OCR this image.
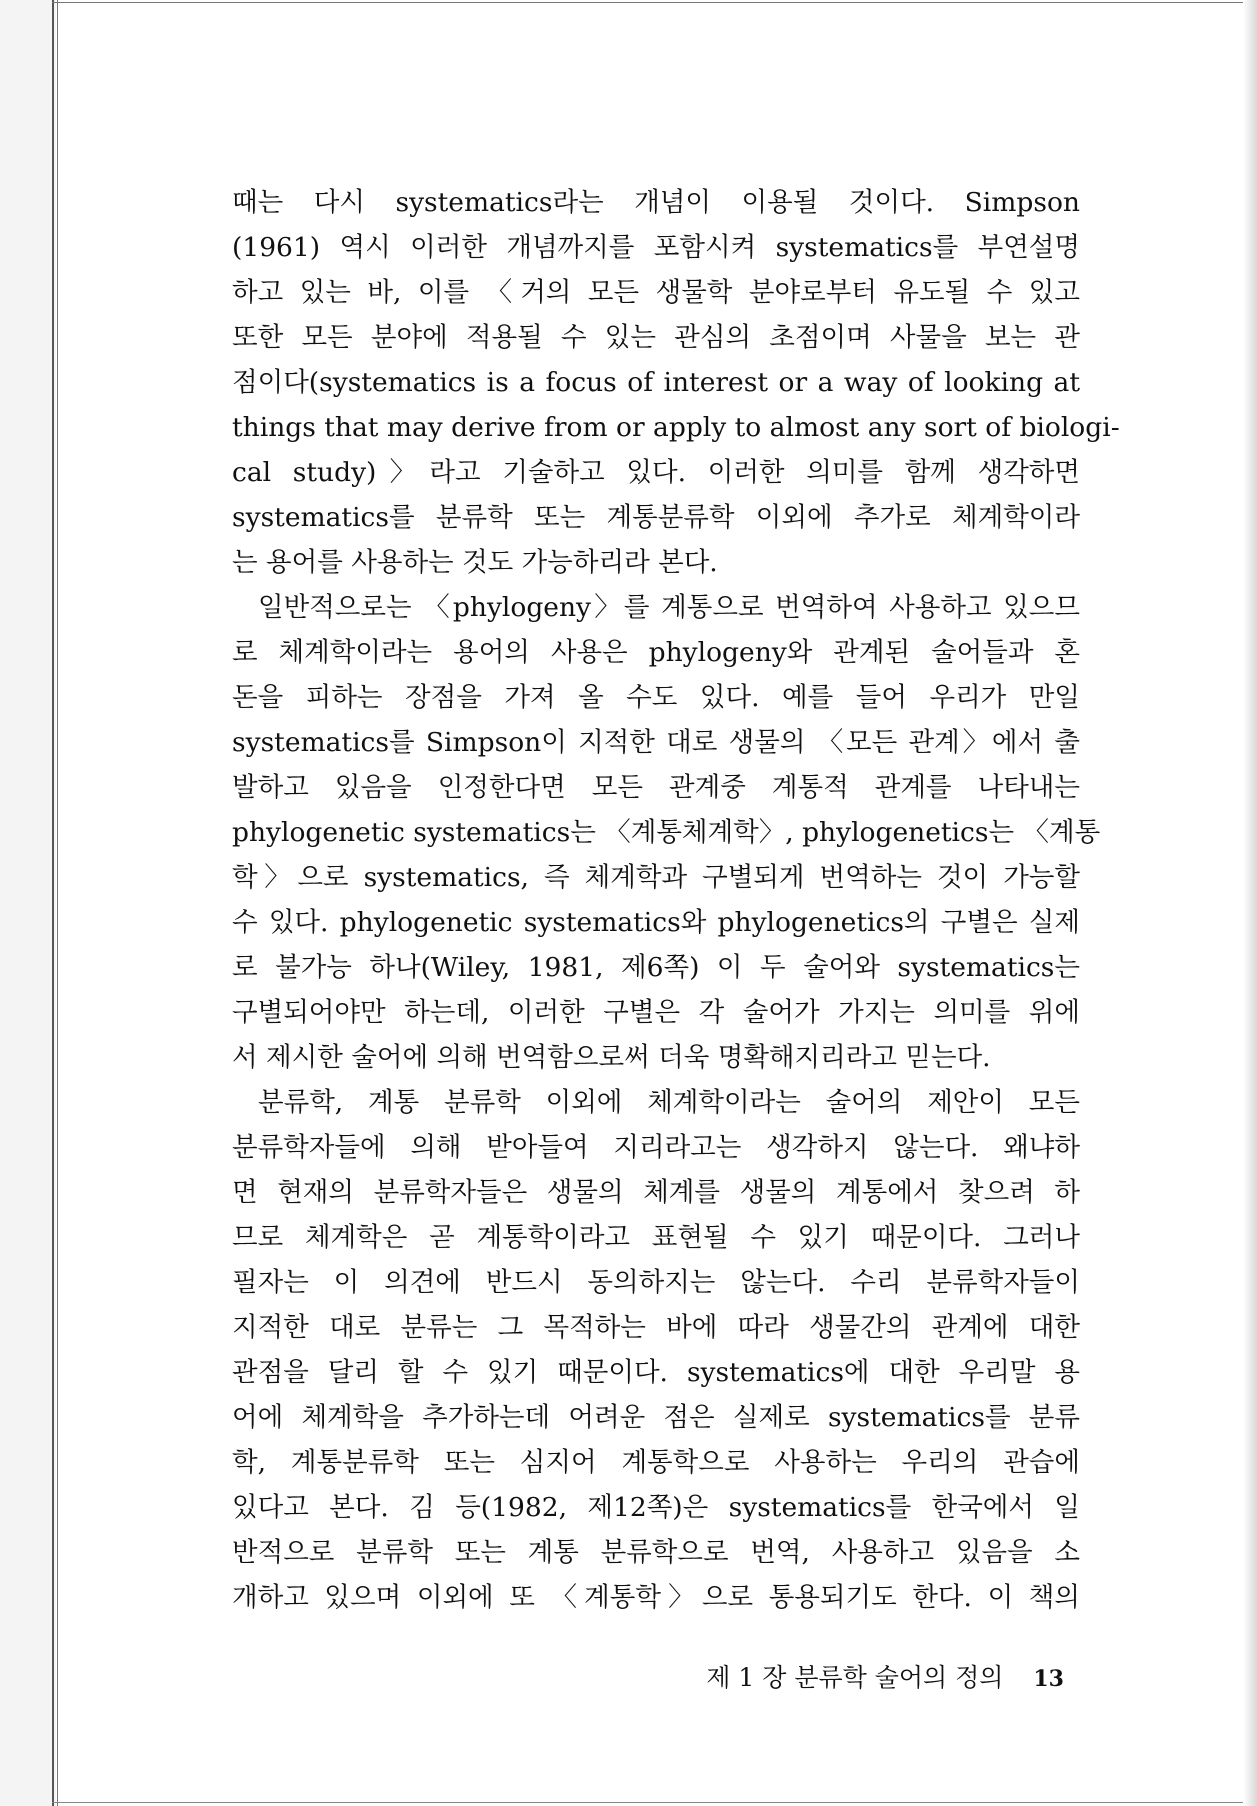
때는 다시 systematics라는 개념이 이용될 것이다. Simpson
(1961) 역시 이러한 개념까지를 포함시켜 systematics를 부연설명
하고 있는 바, 이를 〈거의 모든 생물학 분야로부터 유도될 수 있고
또한 모든 분야에 적용될 수 있는 관심의 초점이며 사물을 보는 관
점이다(systematics is a focus of interest or a way of looking at
things that may derive from or apply to almost any sort of biologi-
cal study)〉라고 기술하고 있다. 이러한 의미를 함께 생각하면
systematics를 분류학 또는 계통분류학 이외에 추가로 체계학이라
는 용어를 사용하는 것도 가능하리라 본다.
일반적으로는 〈phylogeny〉를 계통으로 번역하여 사용하고 있으므
로 체계학이라는 용어의 사용은 phylogeny와 관계된 술어들과 혼
돈을 피하는 장점을 가져 올 수도 있다. 예를 들어 우리가 만일
systematics를 Simpson이 지적한 대로 생물의 〈모든 관계〉에서 출
발하고 있음을 인정한다면 모든 관계중 계통적 관계를 나타내는
phylogenetic systematics는 〈계통체계학〉, phylogenetics는 〈계통
학〉으로 systematics, 즉 체계학과 구별되게 번역하는 것이 가능할
수 있다. phylogenetic systematics와 phylogenetics의 구별은 실제
로 불가능 하나(Wiley, 1981, 제6쪽) 이 두 술어와 systematics는
구별되어야만 하는데, 이러한 구별은 각 술어가 가지는 의미를 위에
서 제시한 술어에 의해 번역함으로써 더욱 명확해지리라고 믿는다.
분류학, 계통 분류학 이외에 체계학이라는 술어의 제안이 모든
분류학자들에 의해 받아들여 지리라고는 생각하지 않는다. 왜냐하
면 현재의 분류학자들은 생물의 체계를 생물의 계통에서 찾으려 하
므로 체계학은 곧 계통학이라고 표현될 수 있기 때문이다. 그러나
필자는 이 의견에 반드시 동의하지는 않는다. 수리 분류학자들이
지적한 대로 분류는 그 목적하는 바에 따라 생물간의 관계에 대한
관점을 달리 할 수 있기 때문이다. systematics에 대한 우리말 용
어에 체계학을 추가하는데 어려운 점은 실제로 systematics를 분류
학, 계통분류학 또는 심지어 계통학으로 사용하는 우리의 관습에
있다고 본다. 김 등(1982, 제12쪽)은 systematics를 한국에서 일
반적으로 분류학 또는 계통 분류학으로 번역, 사용하고 있음을 소
개하고 있으며 이외에 또 〈계통학〉으로 통용되기도 한다. 이 책의
제 1 장 분류학 술어의 정의 13
